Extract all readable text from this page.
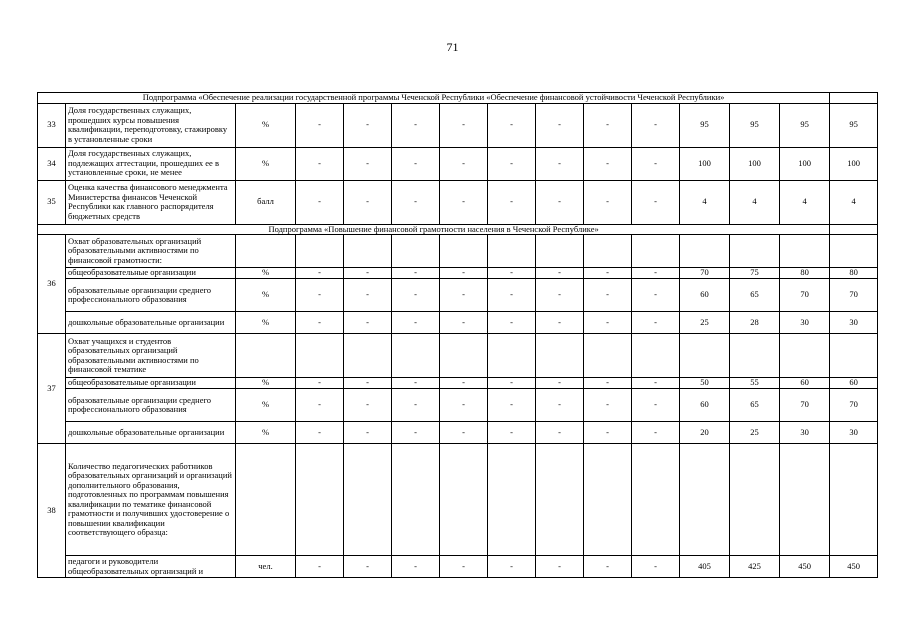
71
Подпрограмма «Обеспечение реализации государственной программы Чеченской Республики «Обеспечение финансовой устойчивости Чеченской Республики»														
33	Доля государственных служащих, прошедших курсы повышения квалификации, переподготовку, стажировку в установленные сроки	%	-	-	-	-	-	-	-	-	95	95	95	95
34	Доля государственных служащих, подлежащих аттестации, прошедших ее в установленные сроки, не менее	%	-	-	-	-	-	-	-	-	100	100	100	100
35	Оценка качества финансового менеджмента Министерства финансов Чеченской Республики как главного распорядителя бюджетных средств	балл	-	-	-	-	-	-	-	-	4	4	4	4
Подпрограмма «Повышение финансовой грамотности населения в Чеченской Республике»														
36	Охват образовательных организаций образовательными активностями по финансовой грамотности:													
	общеобразовательные организации	%	-	-	-	-	-	-	-	-	70	75	80	80
	образовательные организации среднего профессионального образования	%	-	-	-	-	-	-	-	-	60	65	70	70
	дошкольные образовательные организации	%	-	-	-	-	-	-	-	-	25	28	30	30
37	Охват учащихся и студентов образовательных организаций образовательными активностями по финансовой тематике													
	общеобразовательные организации	%	-	-	-	-	-	-	-	-	50	55	60	60
	образовательные организации среднего профессионального образования	%	-	-	-	-	-	-	-	-	60	65	70	70
	дошкольные образовательные организации	%	-	-	-	-	-	-	-	-	20	25	30	30
38	Количество педагогических работников образовательных организаций и организаций дополнительного образования, подготовленных по программам повышения квалификации по тематике финансовой грамотности и получивших удостоверение о повышении квалификации соответствующего образца:													
	педагоги и руководители общеобразовательных организаций и	чел.	-	-	-	-	-	-	-	-	405	425	450	450
